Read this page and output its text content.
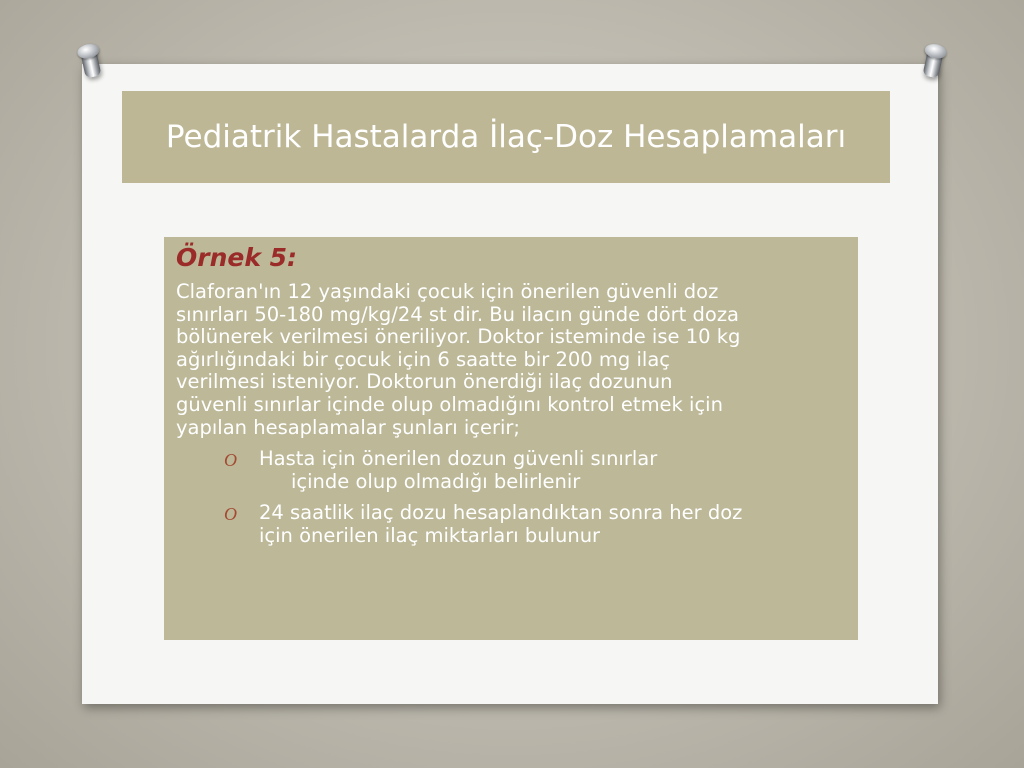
Pediatrik Hastalarda İlaç-Doz Hesaplamaları

Örnek 5:

Claforan'ın 12 yaşındaki çocuk için önerilen güvenli doz
sınırları 50-180 mg/kg/24 st dir. Bu ilacın günde dört doza
bölünerek verilmesi öneriliyor. Doktor isteminde ise 10 kg
ağırlığındaki bir çocuk için 6 saatte bir 200 mg ilaç
verilmesi isteniyor. Doktorun önerdiği ilaç dozunun
güvenli sınırlar içinde olup olmadığını kontrol etmek için
yapılan hesaplamalar şunları içerir;

O Hasta için önerilen dozun güvenli sınırlar
içinde olup olmadığı belirlenir
O 24 saatlik ilaç dozu hesaplandıktan sonra her doz
için önerilen ilaç miktarları bulunur
